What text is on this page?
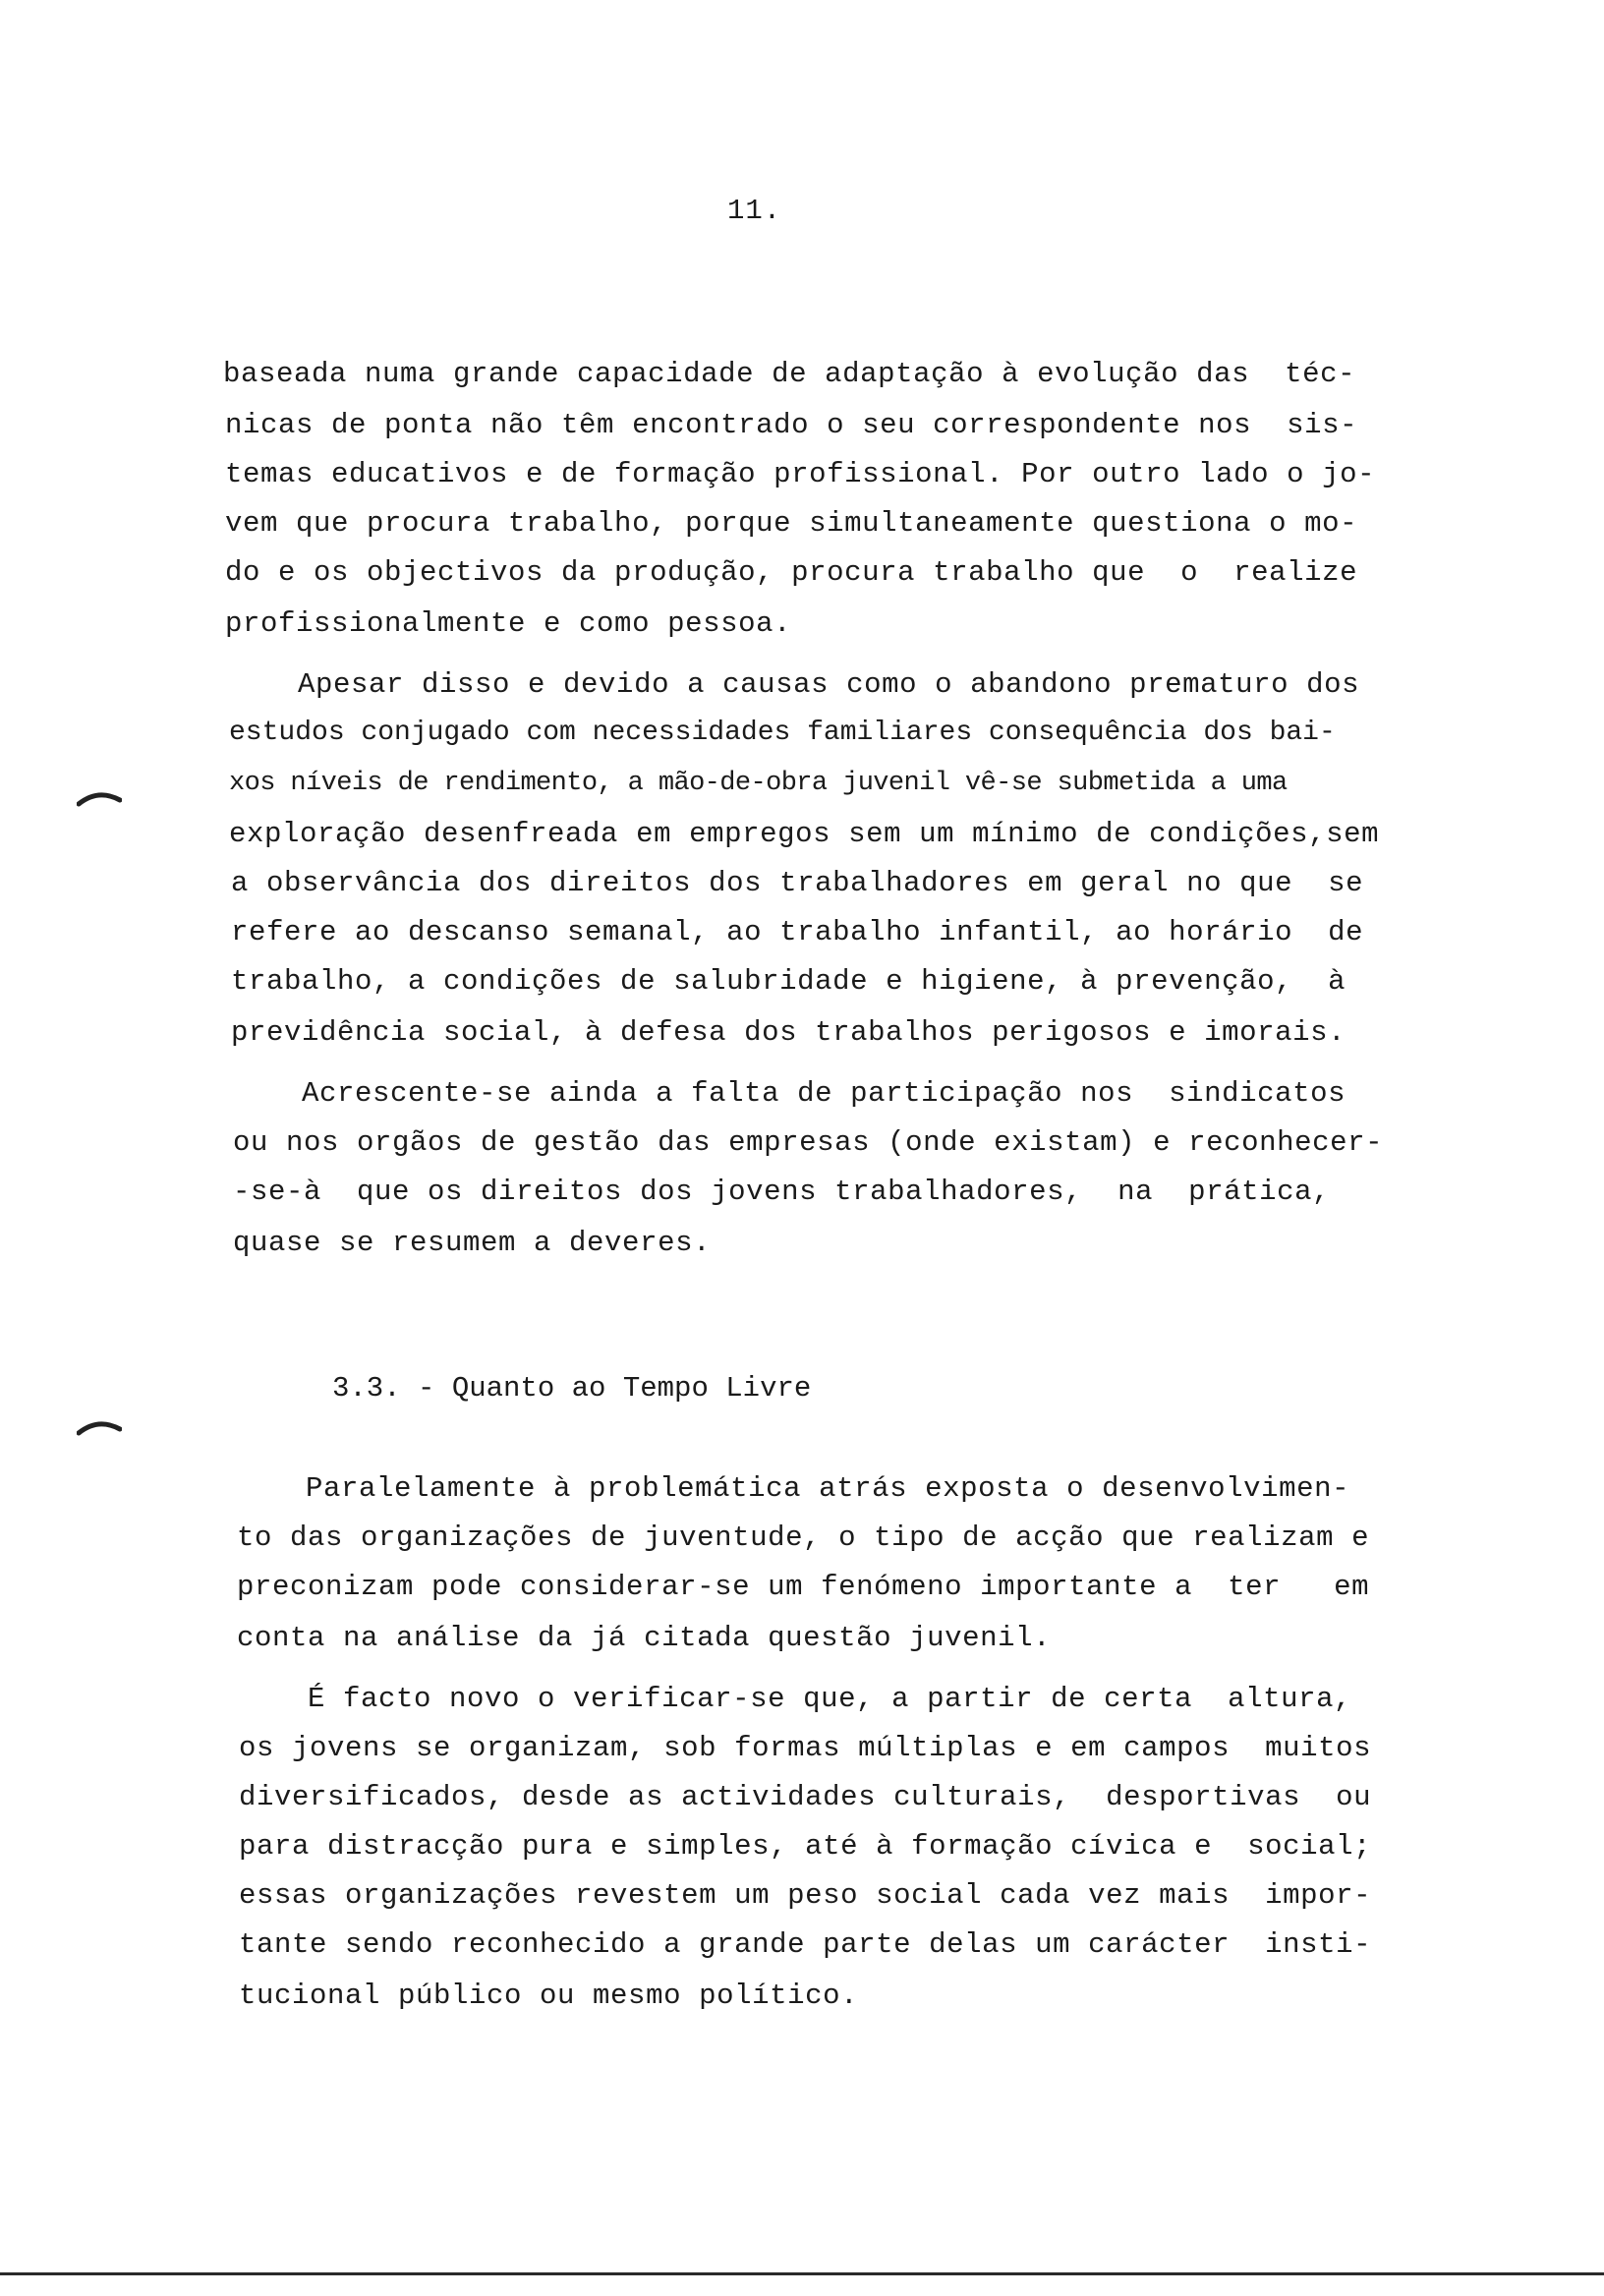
11.
baseada numa grande capacidade de adaptação à evolução das  téc-
nicas de ponta não têm encontrado o seu correspondente nos  sis-
temas educativos e de formação profissional. Por outro lado o jo-
vem que procura trabalho, porque simultaneamente questiona o mo-
do e os objectivos da produção, procura trabalho que  o  realize
profissionalmente e como pessoa.
Apesar disso e devido a causas como o abandono prematuro dos
estudos conjugado com necessidades familiares consequência dos bai-
xos níveis de rendimento, a mão-de-obra juvenil vê-se submetida a uma
exploração desenfreada em empregos sem um mínimo de condições,sem
a observância dos direitos dos trabalhadores em geral no que  se
refere ao descanso semanal, ao trabalho infantil, ao horário  de
trabalho, a condições de salubridade e higiene, à prevenção,  à
previdência social, à defesa dos trabalhos perigosos e imorais.
Acrescente-se ainda a falta de participação nos  sindicatos
ou nos orgãos de gestão das empresas (onde existam) e reconhecer-
-se-à  que os direitos dos jovens trabalhadores,  na  prática,
quase se resumem a deveres.
3.3. - Quanto ao Tempo Livre
Paralelamente à problemática atrás exposta o desenvolvimen-
to das organizações de juventude, o tipo de acção que realizam e
preconizam pode considerar-se um fenómeno importante a  ter   em
conta na análise da já citada questão juvenil.
É facto novo o verificar-se que, a partir de certa  altura,
os jovens se organizam, sob formas múltiplas e em campos  muitos
diversificados, desde as actividades culturais,  desportivas  ou
para distracção pura e simples, até à formação cívica e  social;
essas organizações revestem um peso social cada vez mais  impor-
tante sendo reconhecido a grande parte delas um carácter  insti-
tucional público ou mesmo político.
